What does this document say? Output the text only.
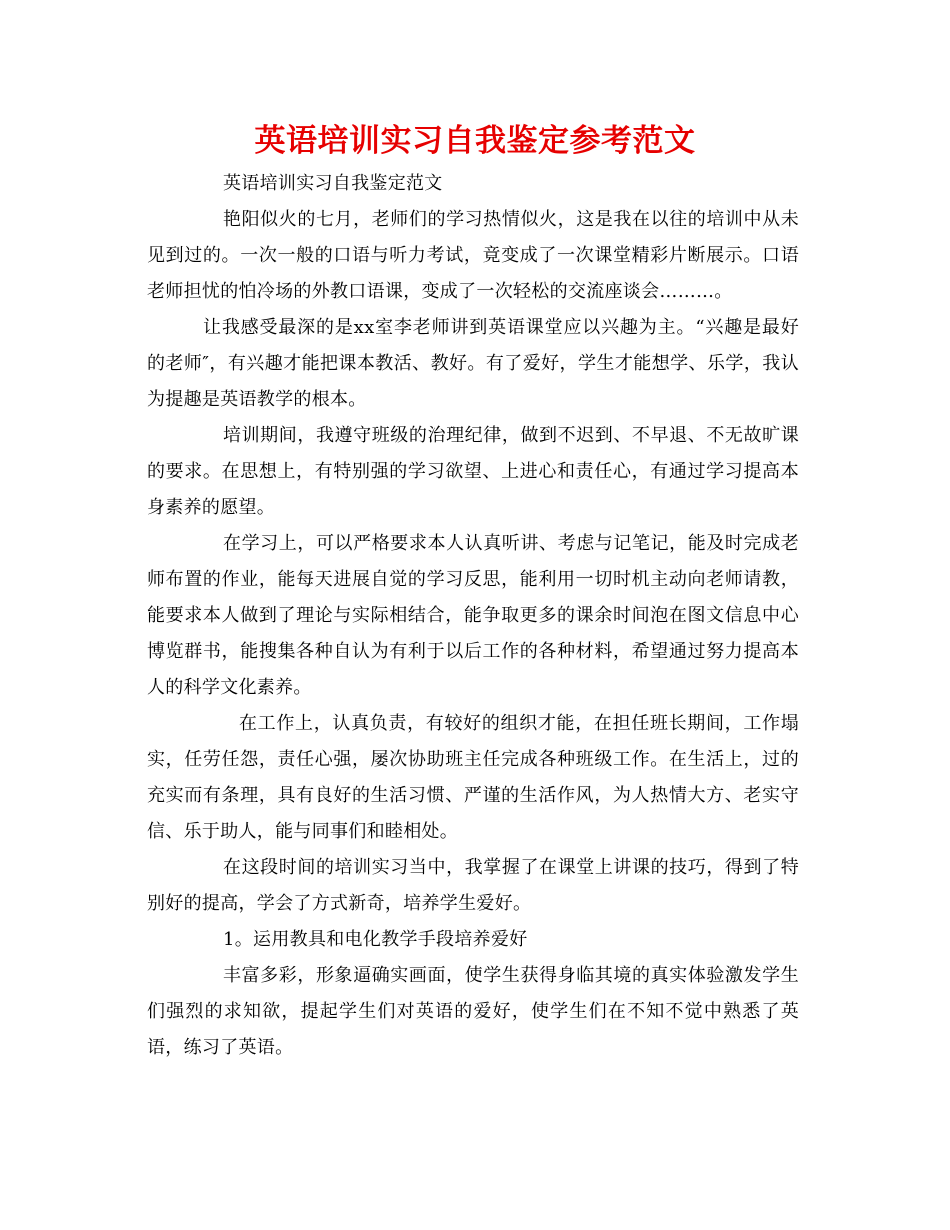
英语培训实习自我鉴定参考范文

英语培训实习自我鉴定范文

艳阳似火的七月，老师们的学习热情似火，这是我在以往的培训中从未见到过的。一次一般的口语与听力考试，竟变成了一次课堂精彩片断展示。口语老师担忧的怕冷场的外教口语课，变成了一次轻松的交流座谈会………。

让我感受最深的是xx室李老师讲到英语课堂应以兴趣为主。“兴趣是最好的老师″，有兴趣才能把课本教活、教好。有了爱好，学生才能想学、乐学，我认为提趣是英语教学的根本。

培训期间，我遵守班级的治理纪律，做到不迟到、不早退、不无故旷课的要求。在思想上，有特别强的学习欲望、上进心和责任心，有通过学习提高本身素养的愿望。

在学习上，可以严格要求本人认真听讲、考虑与记笔记，能及时完成老师布置的作业，能每天进展自觉的学习反思，能利用一切时机主动向老师请教，能要求本人做到了理论与实际相结合，能争取更多的课余时间泡在图文信息中心博览群书，能搜集各种自认为有利于以后工作的各种材料，希望通过努力提高本人的科学文化素养。

在工作上，认真负责，有较好的组织才能，在担任班长期间，工作塌实，任劳任怨，责任心强，屡次协助班主任完成各种班级工作。在生活上，过的充实而有条理，具有良好的生活习惯、严谨的生活作风，为人热情大方、老实守信、乐于助人，能与同事们和睦相处。

在这段时间的培训实习当中，我掌握了在课堂上讲课的技巧，得到了特别好的提高，学会了方式新奇，培养学生爱好。

1。运用教具和电化教学手段培养爱好

丰富多彩，形象逼确实画面，使学生获得身临其境的真实体验激发学生们强烈的求知欲，提起学生们对英语的爱好，使学生们在不知不觉中熟悉了英语，练习了英语。
